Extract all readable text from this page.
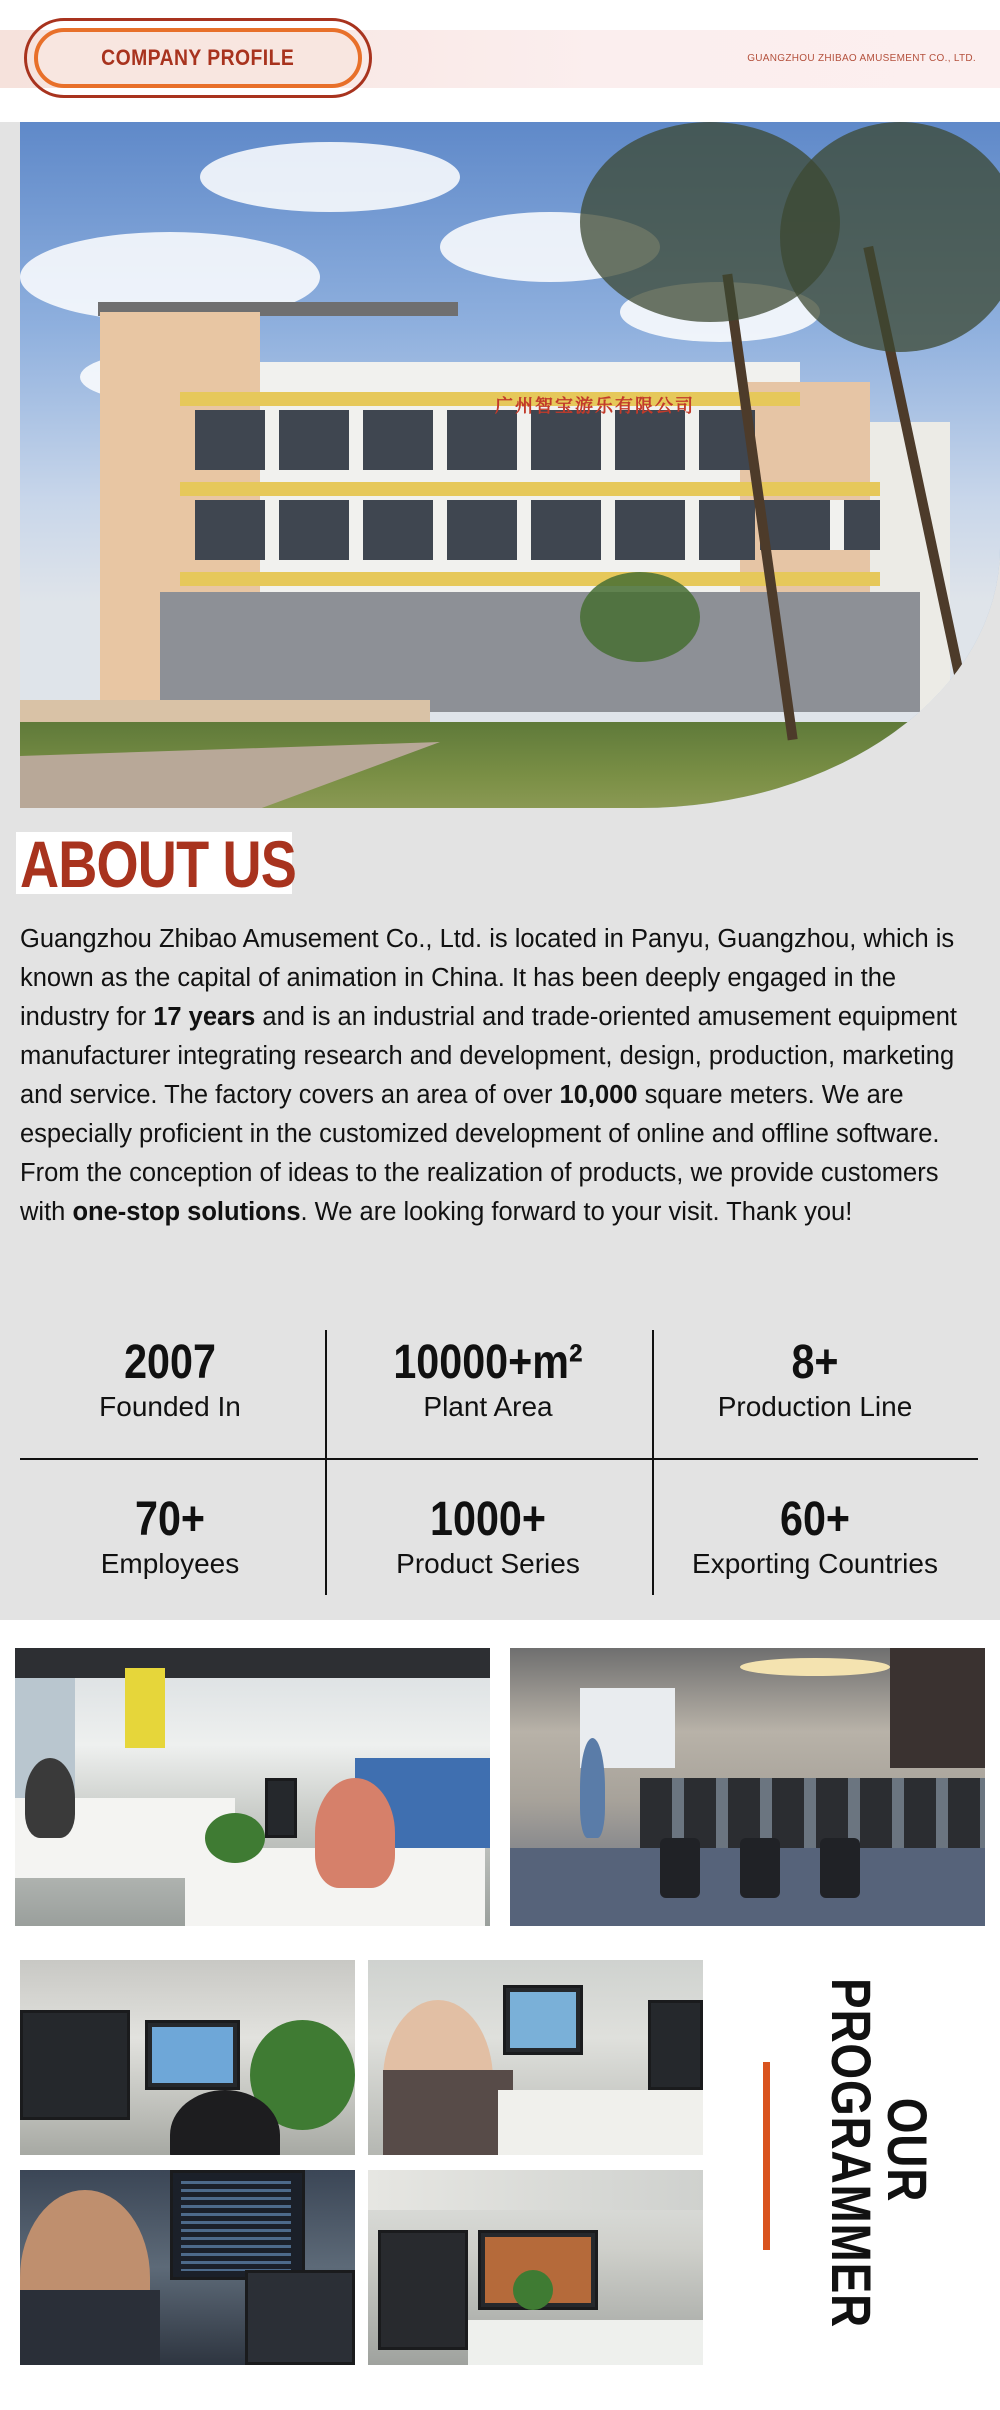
COMPANY PROFILE	GUANGZHOU ZHIBAO AMUSEMENT CO., LTD.
广州智宝游乐有限公司
ABOUT US

Guangzhou Zhibao Amusement Co., Ltd. is located in Panyu, Guangzhou, which is known as the capital of animation in China. It has been deeply engaged in the industry for 17 years and is an industrial and trade-oriented amusement equipment manufacturer integrating research and development, design, production, marketing and service. The factory covers an area of over 10,000 square meters. We are especially proficient in the customized development of online and offline software. From the conception of ideas to the realization of products, we provide customers with one-stop solutions. We are looking forward to your visit. Thank you!

2007
Founded In
10000+m²
Plant Area
8+
Production Line
70+
Employees
1000+
Product Series
60+
Exporting Countries
OUR
PROGRAMMER
